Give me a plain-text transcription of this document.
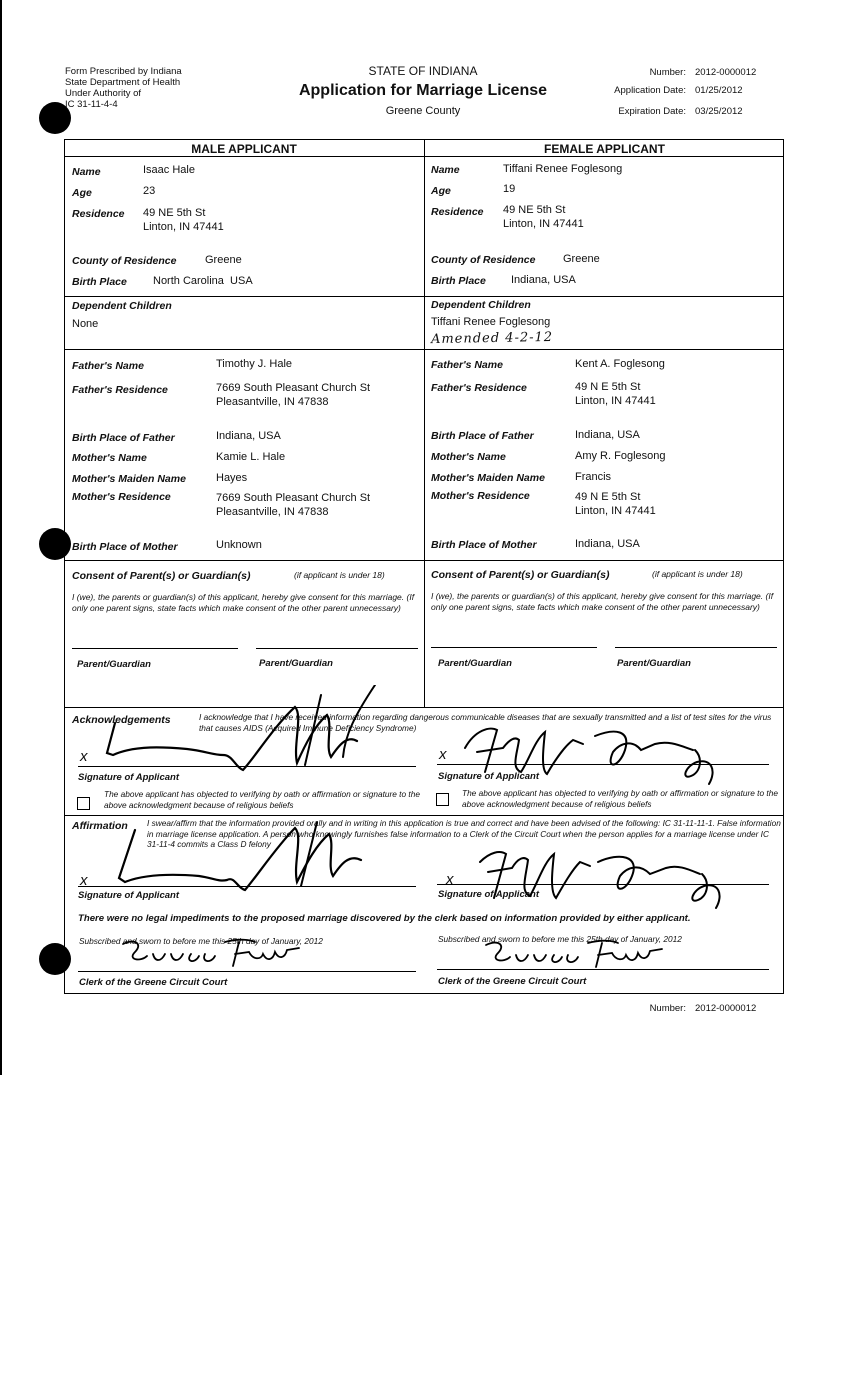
Form Prescribed by Indiana
State Department of Health
Under Authority of
IC 31-11-4-4
STATE OF INDIANA
Application for Marriage License
Greene County
Number: 2012-0000012
Application Date: 01/25/2012
Expiration Date: 03/25/2012
MALE APPLICANT	FEMALE APPLICANT
Name	Isaac Hale
Age	23
Residence 49 NE 5th St
Linton, IN 47441
County of Residence	Greene
Birth Place North Carolina  USA
Dependent Children
None
Father's Name	Timothy J. Hale
Father's Residence	7669 South Pleasant Church St
Pleasantville, IN 47838
Birth Place of Father	Indiana, USA
Mother's Name	Kamie L. Hale
Mother's Maiden Name	Hayes
Mother's Residence	7669 South Pleasant Church St
Pleasantville, IN 47838
Birth Place of Mother	Unknown
Name	Tiffani Renee Foglesong
Age	19
Residence 49 NE 5th St
Linton, IN 47441
County of Residence	Greene
Birth Place Indiana, USA
Dependent Children
Tiffani Renee Foglesong
Amended 4-2-12
Father's Name	Kent A. Foglesong
Father's Residence	49 N E 5th St
Linton, IN 47441
Birth Place of Father	Indiana, USA
Mother's Name	Amy R. Foglesong
Mother's Maiden Name	Francis
Mother's Residence	49 N E 5th St
Linton, IN 47441
Birth Place of Mother	Indiana, USA
Consent of Parent(s) or Guardian(s)	(if applicant is under 18)
I (we), the parents or guardian(s) of this applicant, hereby give consent for this marriage. (If only one parent signs, state facts which make consent of the other parent unnecessary)
Parent/Guardian	Parent/Guardian
Consent of Parent(s) or Guardian(s)	(if applicant is under 18)
I (we), the parents or guardian(s) of this applicant, hereby give consent for this marriage. (If only one parent signs, state facts which make consent of the other parent unnecessary)
Parent/Guardian	Parent/Guardian
Acknowledgements	I acknowledge that I have received information regarding dangerous communicable diseases that are sexually transmitted and a list of test sites for the virus that causes AIDS (Acquired Immune Deficiency Syndrome)
Signature of Applicant
The above applicant has objected to verifying by oath or affirmation or signature to the above acknowledgment because of religious beliefs
Signature of Applicant
The above applicant has objected to verifying by oath or affirmation or signature to the above acknowledgment because of religious beliefs
Affirmation I swear/affirm that the information provided orally and in writing in this application is true and correct and have been advised of the following: IC 31-11-11-1. False information in marriage license application. A person who knowingly furnishes false information to a Clerk of the Circuit Court when the person applies for a marriage license under IC 31-11-4 commits a Class D felony
Signature of Applicant	Signature of Applicant
There were no legal impediments to the proposed marriage discovered by the clerk based on information provided by either applicant.
Subscribed and sworn to before me this 25th day of January, 2012
Clerk of the Greene Circuit Court
Subscribed and sworn to before me this 25th day of January, 2012
Clerk of the Greene Circuit Court
x	x
x	x
Number: 2012-0000012
